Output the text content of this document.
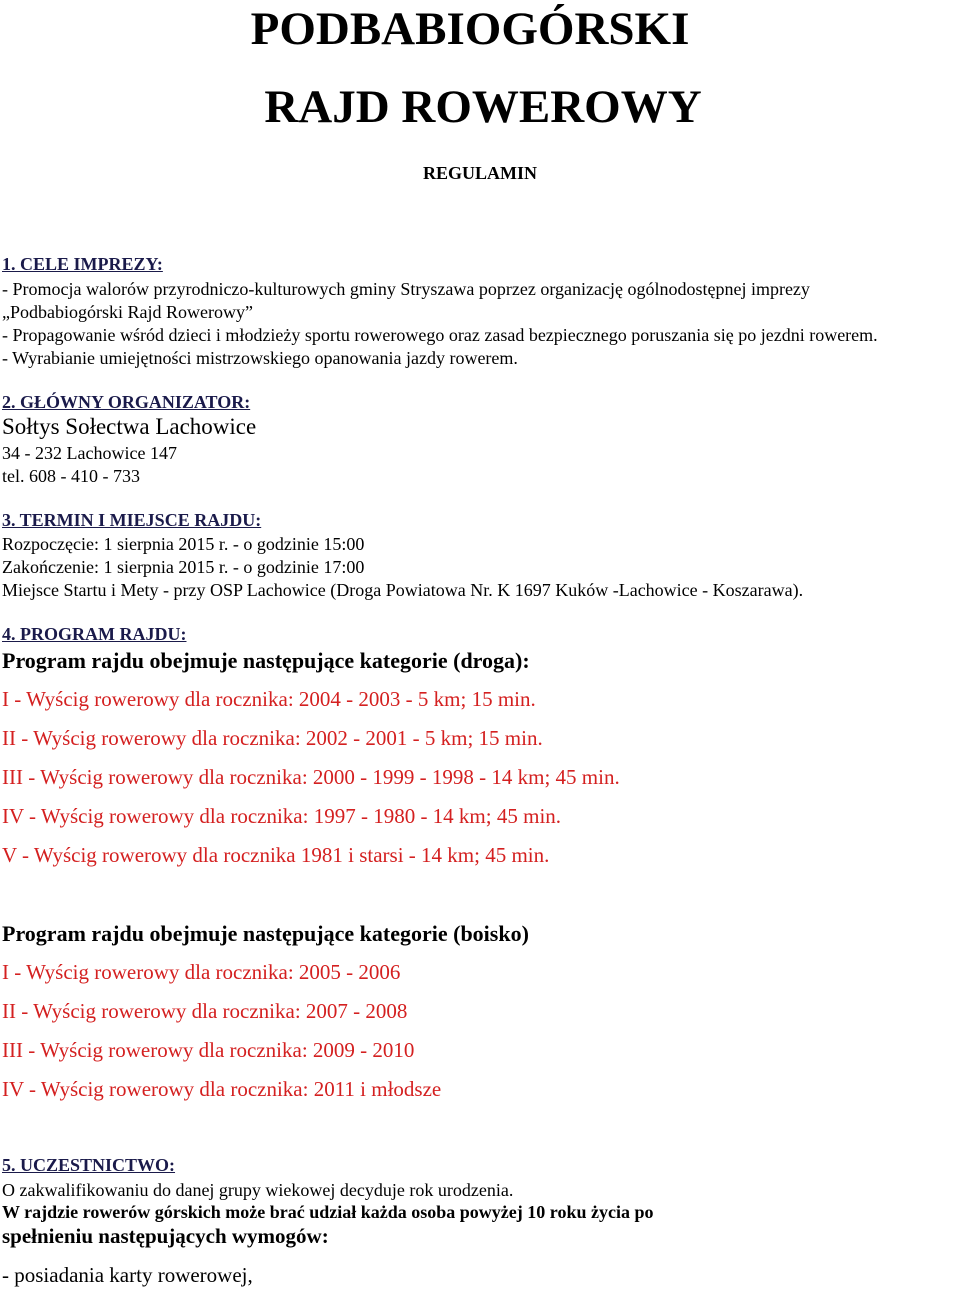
PODBABIOGÓRSKI
RAJD ROWEROWY
REGULAMIN
1. CELE IMPREZY:
- Promocja walorów przyrodniczo-kulturowych gminy Stryszawa poprzez organizację ogólnodostępnej imprezy
„Podbabiogórski Rajd Rowerowy”
- Propagowanie wśród dzieci i młodzieży sportu rowerowego oraz zasad bezpiecznego poruszania się po jezdni rowerem.
- Wyrabianie umiejętności mistrzowskiego opanowania jazdy rowerem.
2. GŁÓWNY ORGANIZATOR:
Sołtys Sołectwa Lachowice
34 - 232 Lachowice 147
tel. 608 - 410 - 733
3. TERMIN I MIEJSCE RAJDU:
Rozpoczęcie: 1 sierpnia 2015 r. - o godzinie 15:00
Zakończenie: 1 sierpnia 2015 r. - o godzinie 17:00
Miejsce Startu i Mety - przy OSP Lachowice (Droga Powiatowa Nr. K 1697 Kuków -Lachowice - Koszarawa).
4. PROGRAM RAJDU:
Program rajdu obejmuje następujące kategorie (droga):
I - Wyścig rowerowy dla rocznika: 2004 - 2003 - 5 km; 15 min.
II - Wyścig rowerowy dla rocznika: 2002 - 2001 - 5 km; 15 min.
III - Wyścig rowerowy dla rocznika: 2000 - 1999 - 1998 - 14 km; 45 min.
IV - Wyścig rowerowy dla rocznika: 1997 - 1980 - 14 km; 45 min.
V - Wyścig rowerowy dla rocznika 1981 i starsi - 14 km; 45 min.
Program rajdu obejmuje następujące kategorie (boisko)
I - Wyścig rowerowy dla rocznika: 2005 - 2006
II - Wyścig rowerowy dla rocznika: 2007 - 2008
III - Wyścig rowerowy dla rocznika: 2009 - 2010
IV - Wyścig rowerowy dla rocznika: 2011 i młodsze
5. UCZESTNICTWO:
O zakwalifikowaniu do danej grupy wiekowej decyduje rok urodzenia.
W rajdzie rowerów górskich może brać udział każda osoba powyżej 10 roku życia po
spełnieniu następujących wymogów:
- posiadania karty rowerowej,
